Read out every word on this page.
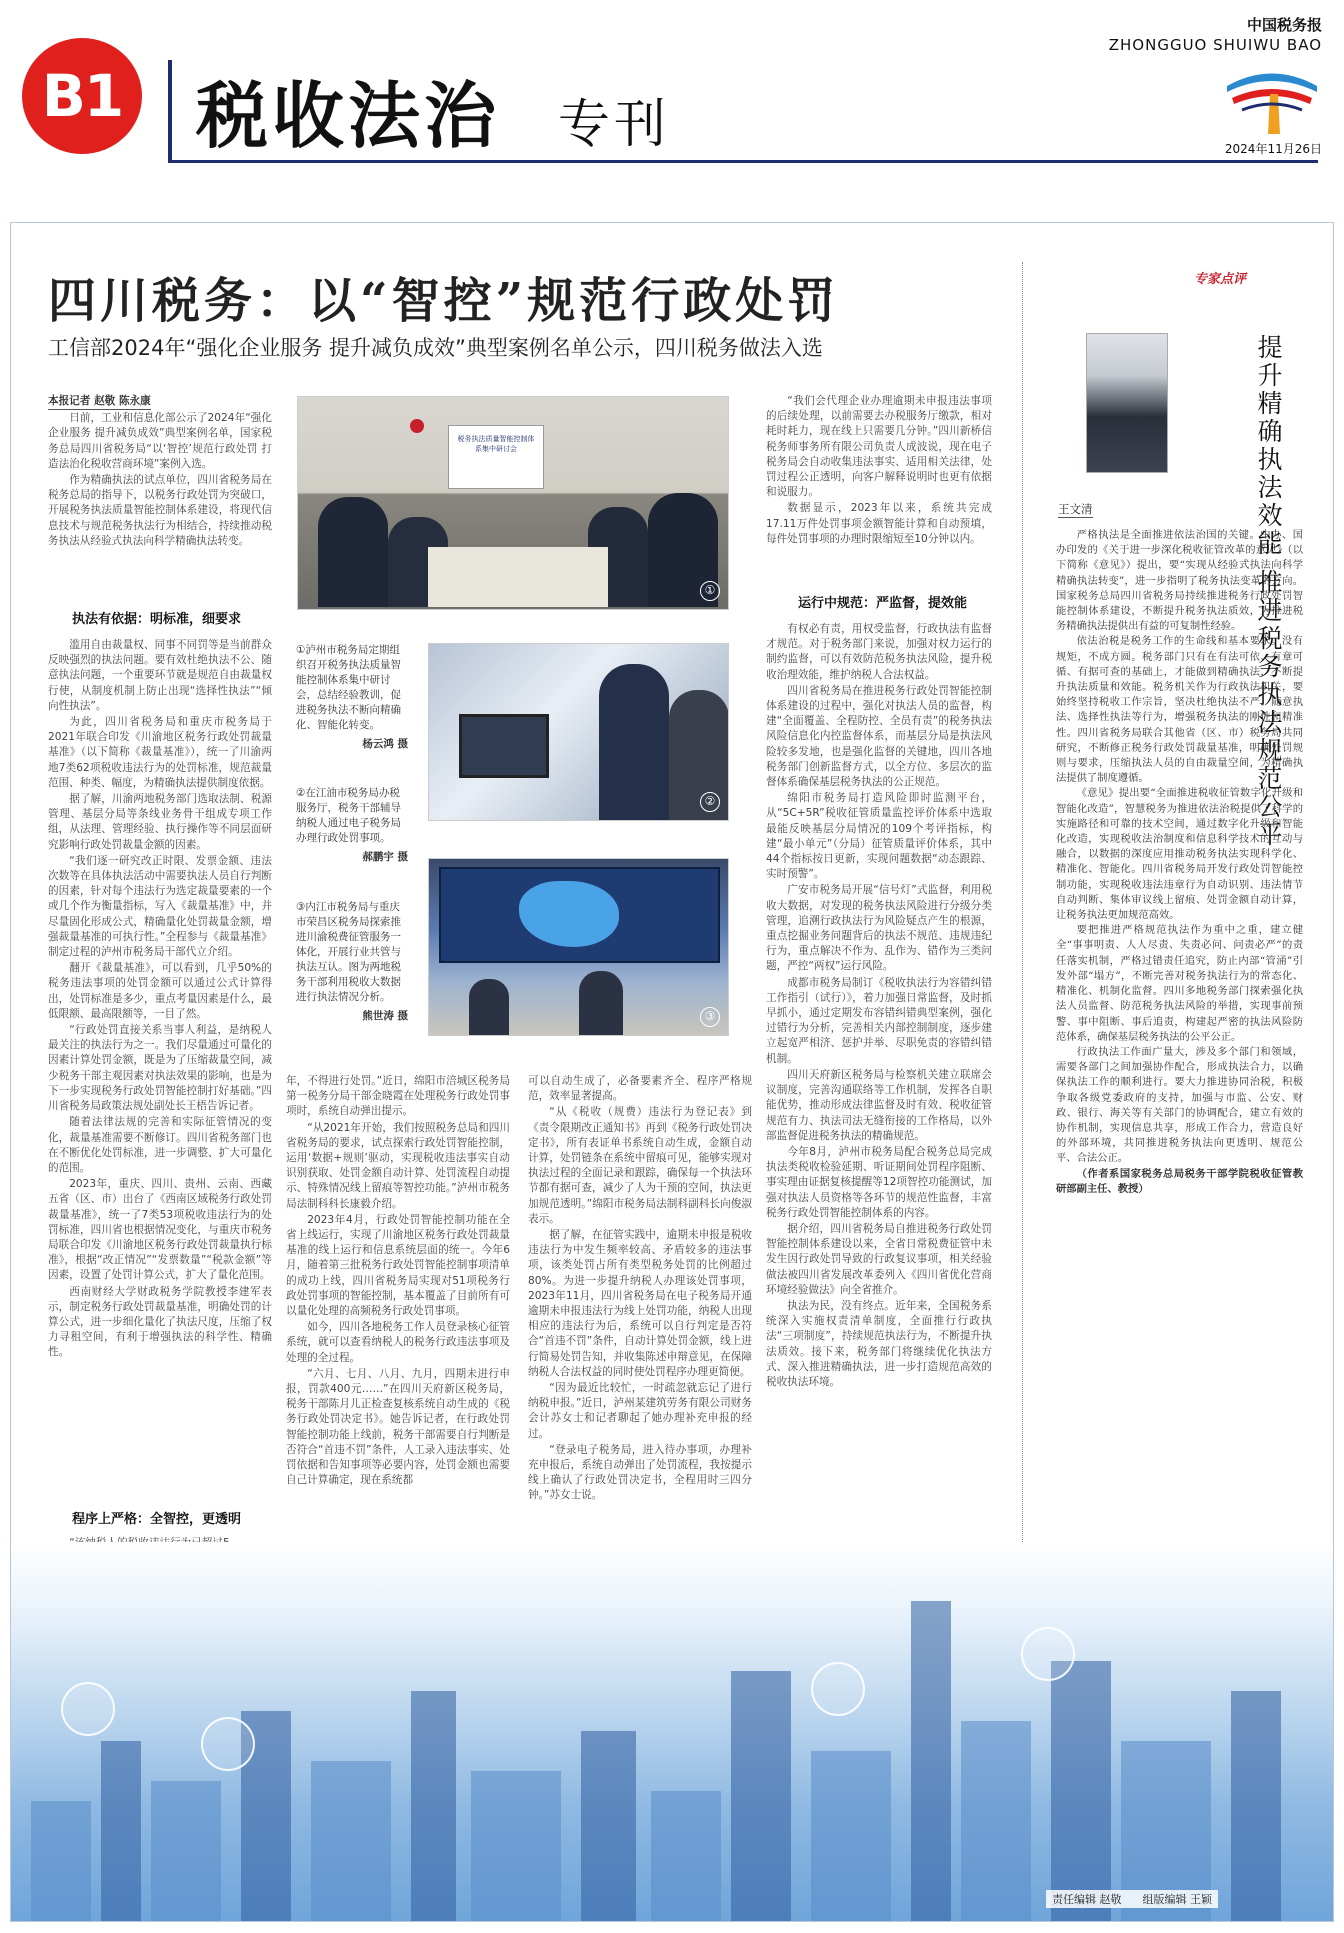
B1 税收法治 专刊
中国税务报
ZHONGGUO SHUIWU BAO
2024年11月26日
四川税务：以“智控”规范行政处罚
工信部2024年“强化企业服务 提升减负成效”典型案例名单公示，四川税务做法入选

本报记者 赵敬 陈永康

日前，工业和信息化部公示了2024年“强化企业服务 提升减负成效”典型案例名单，国家税务总局四川省税务局“以‘智控’规范行政处罚 打造法治化税收营商环境”案例入选。

作为精确执法的试点单位，四川省税务局在税务总局的指导下，以税务行政处罚为突破口，开展税务执法质量智能控制体系建设，将现代信息技术与规范税务执法行为相结合，持续推动税务执法从经验式执法向科学精确执法转变。

执法有依据：明标准，细要求

滥用自由裁量权、同事不同罚等是当前群众反映强烈的执法问题。要有效杜绝执法不公、随意执法问题，一个重要环节就是规范自由裁量权行使，从制度机制上防止出现“选择性执法”“倾向性执法”。

为此，四川省税务局和重庆市税务局于2021年联合印发《川渝地区税务行政处罚裁量基准》（以下简称《裁量基准》），统一了川渝两地7类62项税收违法行为的处罚标准，规范裁量范围、种类、幅度，为精确执法提供制度依据。

据了解，川渝两地税务部门选取法制、税源管理、基层分局等条线业务骨干组成专项工作组，从法理、管理经验、执行操作等不同层面研究影响行政处罚裁量金额的因素。

“我们逐一研究改正时限、发票金额、违法次数等在具体执法活动中需要执法人员自行判断的因素，针对每个违法行为选定裁量要素的一个或几个作为衡量指标，写入《裁量基准》中，并尽量固化形成公式，精确量化处罚裁量金额，增强裁量基准的可执行性。”全程参与《裁量基准》制定过程的泸州市税务局干部代立介绍。

翻开《裁量基准》，可以看到，几乎50%的税务违法事项的处罚金额可以通过公式计算得出，处罚标准是多少，重点考量因素是什么，最低限额、最高限额等，一目了然。

“行政处罚直接关系当事人利益，是纳税人最关注的执法行为之一。我们尽量通过可量化的因素计算处罚金额，既是为了压缩裁量空间，减少税务干部主观因素对执法效果的影响，也是为下一步实现税务行政处罚智能控制打好基础。”四川省税务局政策法规处副处长王梧告诉记者。

随着法律法规的完善和实际征管情况的变化，裁量基准需要不断修订。四川省税务部门也在不断优化处罚标准，进一步调整、扩大可量化的范围。

2023年，重庆、四川、贵州、云南、西藏五省（区、市）出台了《西南区域税务行政处罚裁量基准》，统一了7类53项税收违法行为的处罚标准，四川省也根据情况变化，与重庆市税务局联合印发《川渝地区税务行政处罚裁量执行标准》，根据“改正情况”“发票数量”“税款金额”等因素，设置了处罚计算公式，扩大了量化范围。

西南财经大学财政税务学院教授李建军表示，制定税务行政处罚裁量基准，明确处罚的计算公式，进一步细化量化了执法尺度，压缩了权力寻租空间，有利于增强执法的科学性、精确性。

程序上严格：全智控，更透明

税务执法质量智能控制体系集中研讨会
①
②
③
①泸州市税务局定期组织召开税务执法质量智能控制体系集中研讨会，总结经验教训，促进税务执法不断向精确化、智能化转变。
杨云鸿 摄
②在江油市税务局办税服务厅，税务干部辅导纳税人通过电子税务局办理行政处罚事项。
郝鹏宇 摄
③内江市税务局与重庆市荣昌区税务局探索推进川渝税费征管服务一体化，开展行业共管与执法互认。图为两地税务干部利用税收大数据进行执法情况分析。
熊世涛 摄

年，不得进行处罚。”近日，绵阳市涪城区税务局第一税务分局干部金晓霞在处理税务行政处罚事项时，系统自动弹出提示。

“从2021年开始，我们按照税务总局和四川省税务局的要求，试点探索行政处罚智能控制，运用‘数据+规则’驱动，实现税收违法事实自动识别获取、处罚金额自动计算、处罚流程自动提示、特殊情况线上留痕等智控功能。”泸州市税务局法制科科长康毅介绍。

2023年4月，行政处罚智能控制功能在全省上线运行，实现了川渝地区税务行政处罚裁量基准的线上运行和信息系统层面的统一。今年6月，随着第三批税务行政处罚智能控制事项清单的成功上线，四川省税务局实现对51项税务行政处罚事项的智能控制，基本覆盖了目前所有可以量化处理的高频税务行政处罚事项。

如今，四川各地税务工作人员登录核心征管系统，就可以查看纳税人的税务行政违法事项及处理的全过程。

“六月、七月、八月、九月，四期未进行申报，罚款400元……”在四川天府新区税务局，税务干部陈月儿正检查复核系统自动生成的《税务行政处罚决定书》。她告诉记者，在行政处罚智能控制功能上线前，税务干部需要自行判断是否符合“首违不罚”条件，人工录入违法事实、处罚依据和告知事项等必要内容，处罚金额也需要自己计算确定，现在系统都

可以自动生成了，必备要素齐全、程序严格规范，效率显著提高。

“从《税收（规费）违法行为登记表》到《责令限期改正通知书》再到《税务行政处罚决定书》，所有表证单书系统自动生成，金额自动计算，处罚链条在系统中留痕可见，能够实现对执法过程的全面记录和跟踪，确保每一个执法环节都有据可查，减少了人为干预的空间，执法更加规范透明。”绵阳市税务局法制科副科长向俊淑表示。

据了解，在征管实践中，逾期未申报是税收违法行为中发生频率较高、矛盾较多的违法事项，该类处罚占所有类型税务处罚的比例超过80%。为进一步提升纳税人办理该处罚事项，2023年11月，四川省税务局在电子税务局开通逾期未申报违法行为线上处罚功能，纳税人出现相应的违法行为后，系统可以自行判定是否符合“首违不罚”条件，自动计算处罚金额，线上进行简易处罚告知，并收集陈述申辩意见，在保障纳税人合法权益的同时使处罚程序办理更简便。

“因为最近比较忙，一时疏忽就忘记了进行纳税申报。”近日，泸州某建筑劳务有限公司财务会计苏女士和记者聊起了她办理补充申报的经过。

“登录电子税务局，进入待办事项，办理补充申报后，系统自动弹出了处罚流程，我按提示线上确认了行政处罚决定书，全程用时三四分钟。”苏女士说。

“我们会代理企业办理逾期未申报违法事项的后续处理，以前需要去办税服务厅缴款，相对耗时耗力，现在线上只需要几分钟。”四川新桥信税务师事务所有限公司负责人成波说，现在电子税务局会自动收集违法事实、适用相关法律，处罚过程公正透明，向客户解释说明时也更有依据和说服力。

数据显示，2023年以来，系统共完成17.11万件处罚事项金额智能计算和自动预填，每件处罚事项的办理时限缩短至10分钟以内。

运行中规范：严监督，提效能

有权必有责，用权受监督，行政执法有监督才规范。对于税务部门来说，加强对权力运行的制约监督，可以有效防范税务执法风险，提升税收治理效能，维护纳税人合法权益。

四川省税务局在推进税务行政处罚智能控制体系建设的过程中，强化对执法人员的监督，构建“全面覆盖、全程防控、全员有责”的税务执法风险信息化内控监督体系，而基层分局是执法风险较多发地，也是强化监督的关键地，四川各地税务部门创新监督方式，以全方位、多层次的监督体系确保基层税务执法的公正规范。

绵阳市税务局打造风险即时监测平台，从“5C+5R”税收征管质量监控评价体系中选取最能反映基层分局情况的109个考评指标，构建“最小单元”（分局）征管质量评价体系，其中44个指标按日更新，实现问题数据“动态跟踪、实时预警”。

广安市税务局开展“信号灯”式监督，利用税收大数据，对发现的税务执法风险进行分级分类管理，追溯行政执法行为风险疑点产生的根源，重点挖掘业务问题背后的执法不规范、违规违纪行为，重点解决不作为、乱作为、错作为三类问题，严控“两权”运行风险。

成都市税务局制订《税收执法行为容错纠错工作指引（试行）》，着力加强日常监督，及时抓早抓小，通过定期发布容错纠错典型案例，强化过错行为分析，完善相关内部控制制度，逐步建立起宽严相济、惩护并举、尽职免责的容错纠错机制。

四川天府新区税务局与检察机关建立联席会议制度，完善沟通联络等工作机制，发挥各自职能优势，推动形成法律监督及时有效、税收征管规范有力、执法司法无缝衔接的工作格局，以外部监督促进税务执法的精确规范。

今年8月，泸州市税务局配合税务总局完成执法类税收检验延期、听证期间处罚程序阻断、事实理由证据复核提醒等12项智控功能测试，加强对执法人员资格等各环节的规范性监督，丰富税务行政处罚智能控制体系的内容。

据介绍，四川省税务局自推进税务行政处罚智能控制体系建设以来，全省日常税费征管中未发生因行政处罚导致的行政复议事项，相关经验做法被四川省发展改革委列入《四川省优化营商环境经验做法》向全省推介。

执法为民，没有终点。近年来，全国税务系统深入实施权责清单制度，全面推行行政执法“三项制度”，持续规范执法行为，不断提升执法质效。接下来，税务部门将继续优化执法方式、深入推进精确执法，进一步打造规范高效的税收执法环境。

专家点评
王文清	提升精确执法效能 推进税务执法规范公平

严格执法是全面推进依法治国的关键。中办、国办印发的《关于进一步深化税收征管改革的意见》（以下简称《意见》）提出，要“实现从经验式执法向科学精确执法转变”，进一步指明了税务执法变革的方向。国家税务总局四川省税务局持续推进税务行政处罚智能控制体系建设，不断提升税务执法质效，为推进税务精确执法提供出有益的可复制性经验。

依法治税是税务工作的生命线和基本要求。没有规矩，不成方圆。税务部门只有在有法可依、有章可循、有据可查的基础上，才能做到精确执法，不断提升执法质量和效能。税务机关作为行政执法机关，要始终坚持税收工作宗旨，坚决杜绝执法不严、随意执法、选择性执法等行为，增强税务执法的刚性和精准性。四川省税务局联合其他省（区、市）税务局共同研究，不断修正税务行政处罚裁量基准，明确处罚规则与要求，压缩执法人员的自由裁量空间，为精确执法提供了制度遵循。

《意见》提出要“全面推进税收征管数字化升级和智能化改造”，智慧税务为推进依法治税提供了科学的实施路径和可靠的技术空间，通过数字化升级和智能化改造，实现税收法治制度和信息科学技术的互动与融合，以数据的深度应用推动税务执法实现科学化、精准化、智能化。四川省税务局开发行政处罚智能控制功能，实现税收违法违章行为自动识别、违法情节自动判断、集体审议线上留痕、处罚金额自动计算，让税务执法更加规范高效。

要把推进严格规范执法作为重中之重，建立健全“事事明责、人人尽责、失责必问、问责必严”的责任落实机制，严格过错责任追究，防止内部“管涌”引发外部“塌方”，不断完善对税务执法行为的常态化、精准化、机制化监督。四川多地税务部门探索强化执法人员监督、防范税务执法风险的举措，实现事前预警、事中阻断、事后追责，构建起严密的执法风险防范体系，确保基层税务执法的公平公正。

行政执法工作面广量大，涉及多个部门和领域，需要各部门之间加强协作配合，形成执法合力，以确保执法工作的顺利进行。要大力推进协同治税，积极争取各级党委政府的支持，加强与市监、公安、财政、银行、海关等有关部门的协调配合，建立有效的协作机制，实现信息共享，形成工作合力，营造良好的外部环境，共同推进税务执法向更透明、规范公平、合法公正。

（作者系国家税务总局税务干部学院税收征管教研部副主任、教授）

责任编辑 赵敬 组版编辑 王颖
